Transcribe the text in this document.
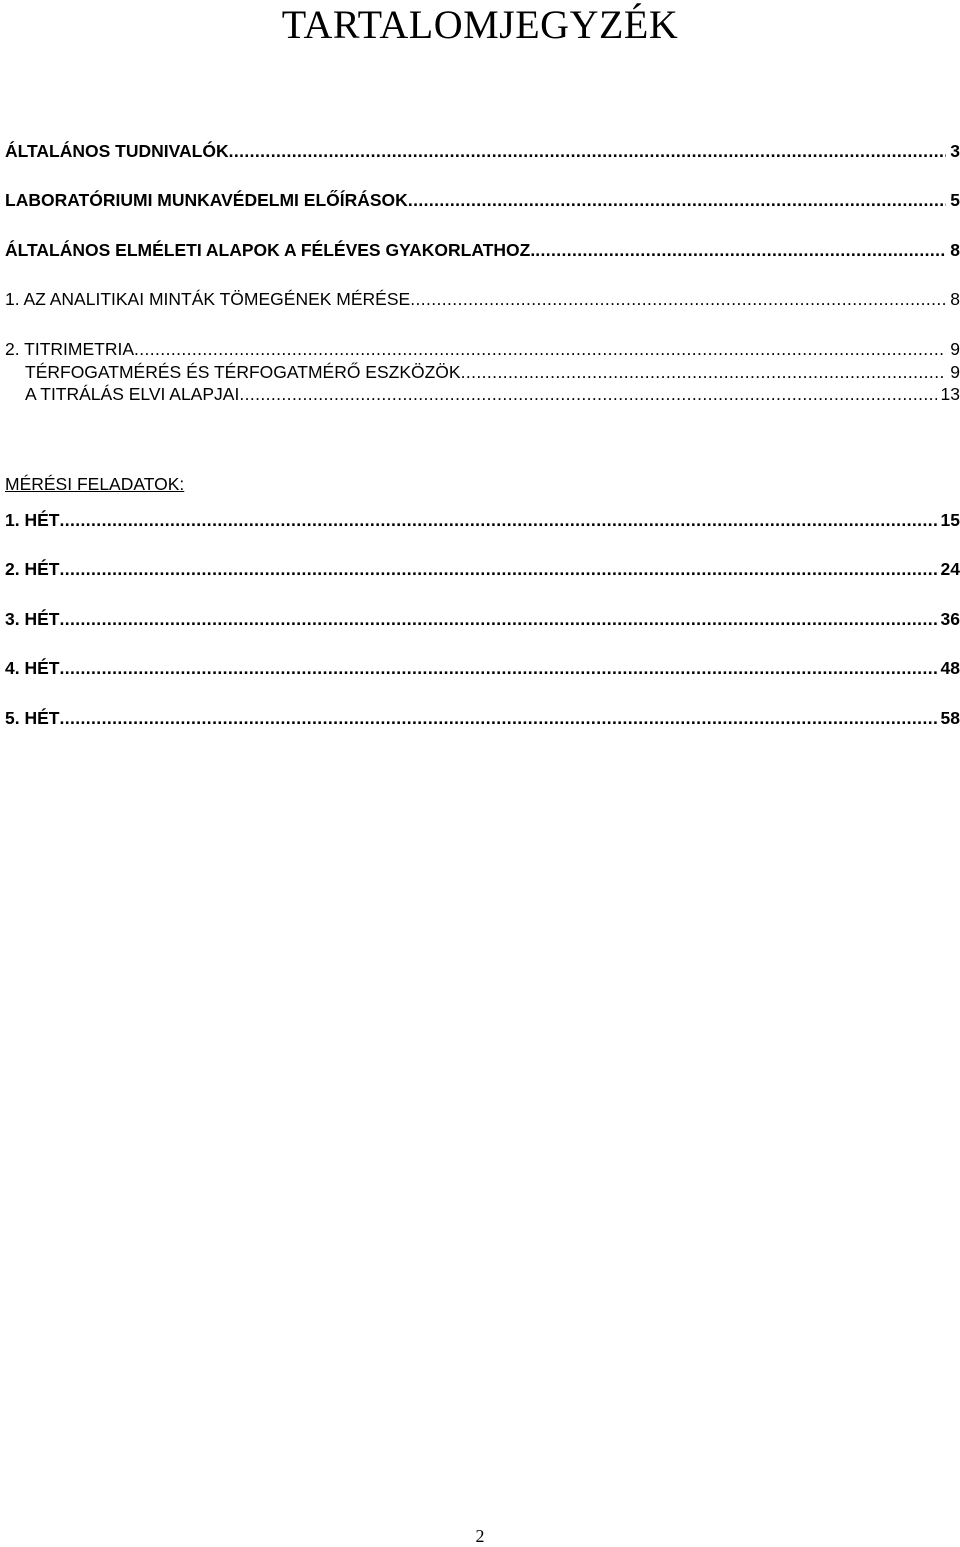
TARTALOMJEGYZÉK
ÁLTALÁNOS TUDNIVALÓK .....	3
LABORATÓRIUMI MUNKAVÉDELMI ELŐÍRÁSOK .....	5
ÁLTALÁNOS ELMÉLETI ALAPOK A FÉLÉVES GYAKORLATHOZ. .....	8
1. AZ ANALITIKAI MINTÁK TÖMEGÉNEK MÉRÉSE .....	8
2. TITRIMETRIA .....	9
TÉRFOGATMÉRÉS ÉS TÉRFOGATMÉRŐ ESZKÖZÖK .....	9
A TITRÁLÁS ELVI ALAPJAI .....	13
MÉRÉSI FELADATOK:
1. HÉT .....	15
2. HÉT .....	24
3. HÉT .....	36
4. HÉT .....	48
5. HÉT .....	58
2
